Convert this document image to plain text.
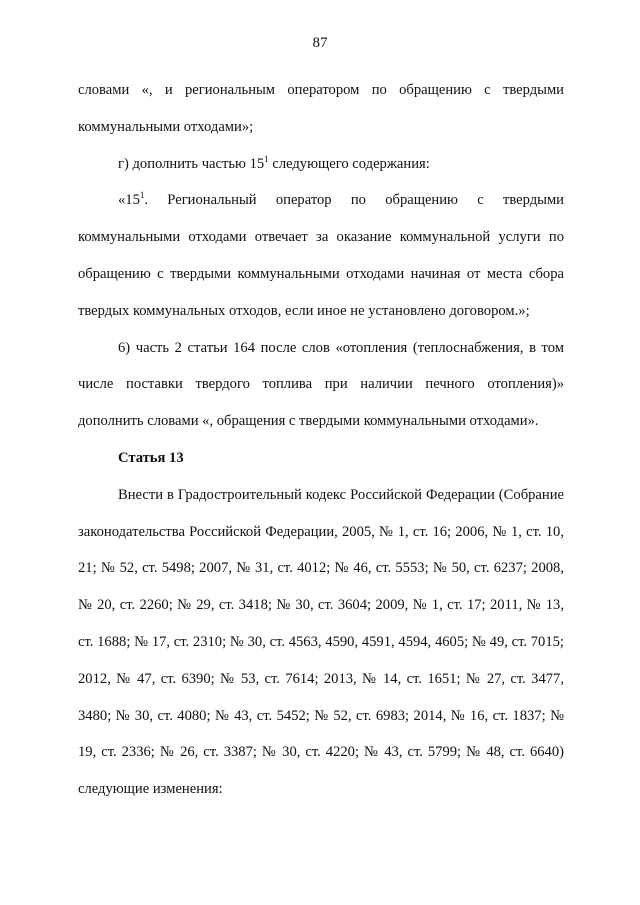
87

словами «, и региональным оператором по обращению с твердыми коммунальными отходами»;

г) дополнить частью $15^1$ следующего содержания:

«$15^1$. Региональный оператор по обращению с твердыми коммунальными отходами отвечает за оказание коммунальной услуги по обращению с твердыми коммунальными отходами начиная от места сбора твердых коммунальных отходов, если иное не установлено договором.»;

6) часть 2 статьи 164 после слов «отопления (теплоснабжения, в том числе поставки твердого топлива при наличии печного отопления)» дополнить словами «, обращения с твердыми коммунальными отходами».

Статья 13

Внести в Градостроительный кодекс Российской Федерации (Собрание законодательства Российской Федерации, 2005, № 1, ст. 16; 2006, № 1, ст. 10, 21; № 52, ст. 5498; 2007, № 31, ст. 4012; № 46, ст. 5553; № 50, ст. 6237; 2008, № 20, ст. 2260; № 29, ст. 3418; № 30, ст. 3604; 2009, № 1, ст. 17; 2011, № 13, ст. 1688; № 17, ст. 2310; № 30, ст. 4563, 4590, 4591, 4594, 4605; № 49, ст. 7015; 2012, № 47, ст. 6390; № 53, ст. 7614; 2013, № 14, ст. 1651; № 27, ст. 3477, 3480; № 30, ст. 4080; № 43, ст. 5452; № 52, ст. 6983; 2014, № 16, ст. 1837; № 19, ст. 2336; № 26, ст. 3387; № 30, ст. 4220; № 43, ст. 5799; № 48, ст. 6640) следующие изменения:
